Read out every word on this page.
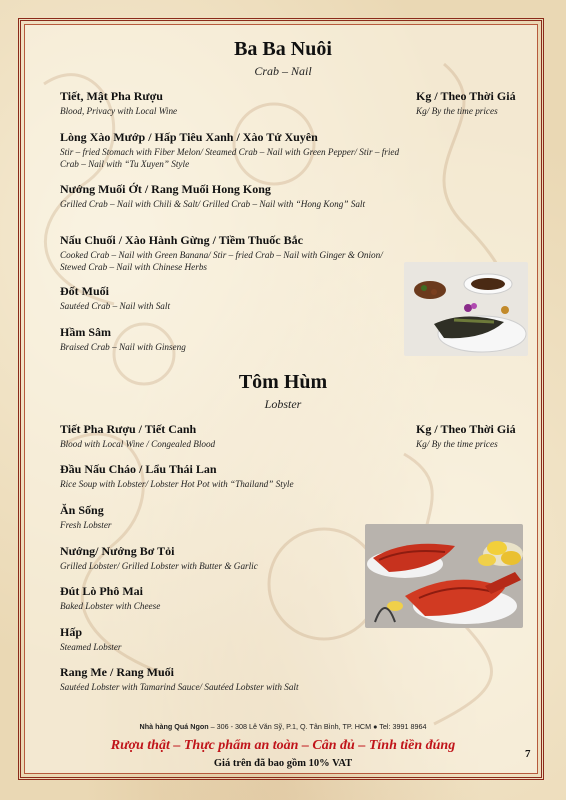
Ba Ba Nuôi
Crab – Nail
Kg / Theo Thời Giá
Kg/ By the time prices
Tiết, Mật Pha Rượu
Blood, Privacy with Local Wine
Lòng Xào Mướp / Hấp Tiêu Xanh / Xào Tứ Xuyên
Stir – fried Stomach with Fiber Melon/ Steamed Crab – Nail with Green Pepper/ Stir – fried Crab – Nail with “Tu Xuyen” Style
Nướng Muối Ớt / Rang Muối Hong Kong
Grilled Crab – Nail with Chili & Salt/ Grilled Crab – Nail with “Hong Kong” Salt
Nấu Chuối / Xào Hành Gừng / Tiềm Thuốc Bắc
Cooked Crab – Nail with Green Banana/ Stir – fried Crab – Nail with Ginger & Onion/ Stewed Crab – Nail with Chinese Herbs
Đốt Muối
Sautéed Crab – Nail with Salt
Hầm Sâm
Braised Crab – Nail with Ginseng
Tôm Hùm
Lobster
Kg / Theo Thời Giá
Kg/ By the time prices
Tiết Pha Rượu / Tiết Canh
Blood with Local Wine / Congealed Blood
Đầu Nấu Cháo / Lẩu Thái Lan
Rice Soup with Lobster/ Lobster Hot Pot with “Thailand” Style
Ăn Sống
Fresh Lobster
Nướng/ Nướng Bơ Tỏi
Grilled Lobster/ Grilled Lobster with Butter & Garlic
Đút Lò Phô Mai
Baked Lobster with Cheese
Hấp
Steamed Lobster
Rang Me / Rang Muối
Sautéed Lobster with Tamarind Sauce/ Sautéed Lobster with Salt
Nhà hàng Quá Ngon – 306 - 308 Lê Văn Sỹ, P.1, Q. Tân Bình, TP. HCM ● Tel: 3991 8964
Rượu thật – Thực phẩm an toàn – Cân đủ – Tính tiền đúng
Giá trên đã bao gồm 10% VAT
7
